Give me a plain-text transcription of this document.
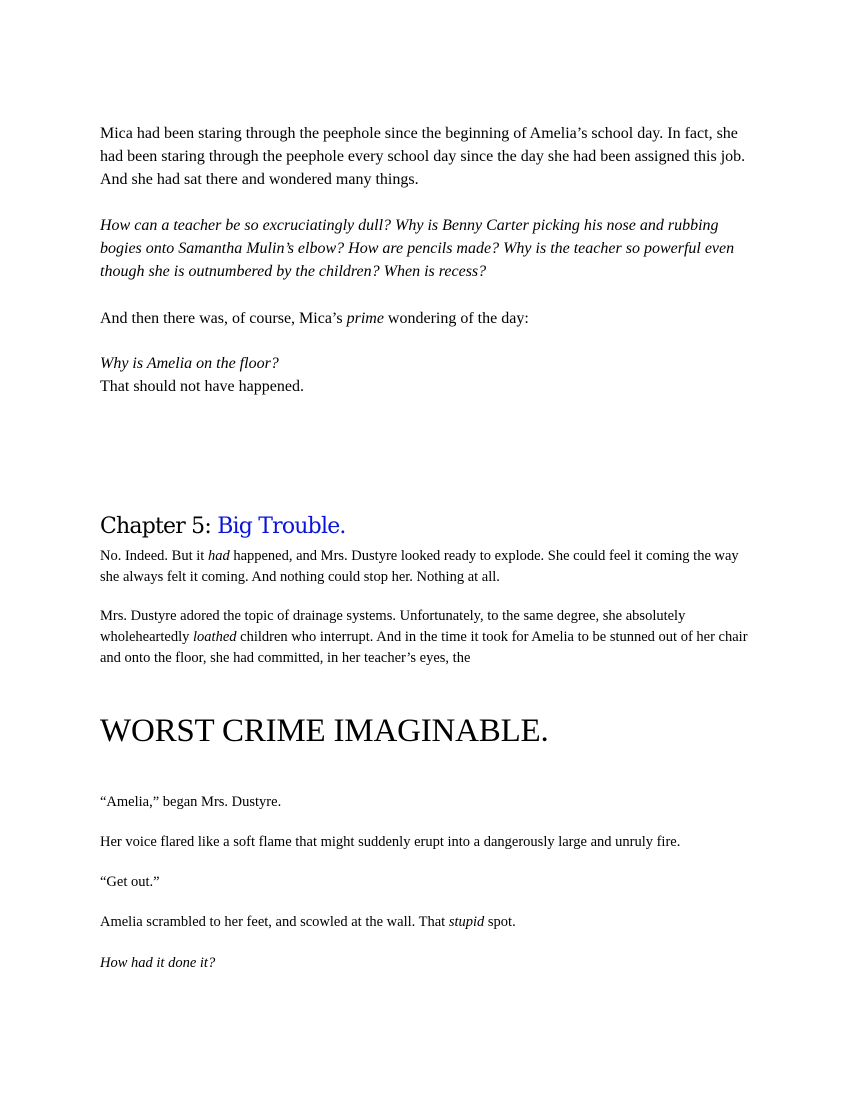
Mica had been staring through the peephole since the beginning of Amelia’s school day. In fact, she had been staring through the peephole every school day since the day she had been assigned this job. And she had sat there and wondered many things.

How can a teacher be so excruciatingly dull? Why is Benny Carter picking his nose and rubbing bogies onto Samantha Mulin’s elbow? How are pencils made? Why is the teacher so powerful even though she is outnumbered by the children? When is recess?

And then there was, of course, Mica’s prime wondering of the day:

Why is Amelia on the floor?

That should not have happened.

Chapter 5: Big Trouble.

No. Indeed. But it had happened, and Mrs. Dustyre looked ready to explode. She could feel it coming the way she always felt it coming. And nothing could stop her. Nothing at all.

Mrs. Dustyre adored the topic of drainage systems. Unfortunately, to the same degree, she absolutely wholeheartedly loathed children who interrupt. And in the time it took for Amelia to be stunned out of her chair and onto the floor, she had committed, in her teacher’s eyes, the

WORST CRIME IMAGINABLE.

“Amelia,” began Mrs. Dustyre.

Her voice flared like a soft flame that might suddenly erupt into a dangerously large and unruly fire.

“Get out.”

Amelia scrambled to her feet, and scowled at the wall. That stupid spot.

How had it done it?
